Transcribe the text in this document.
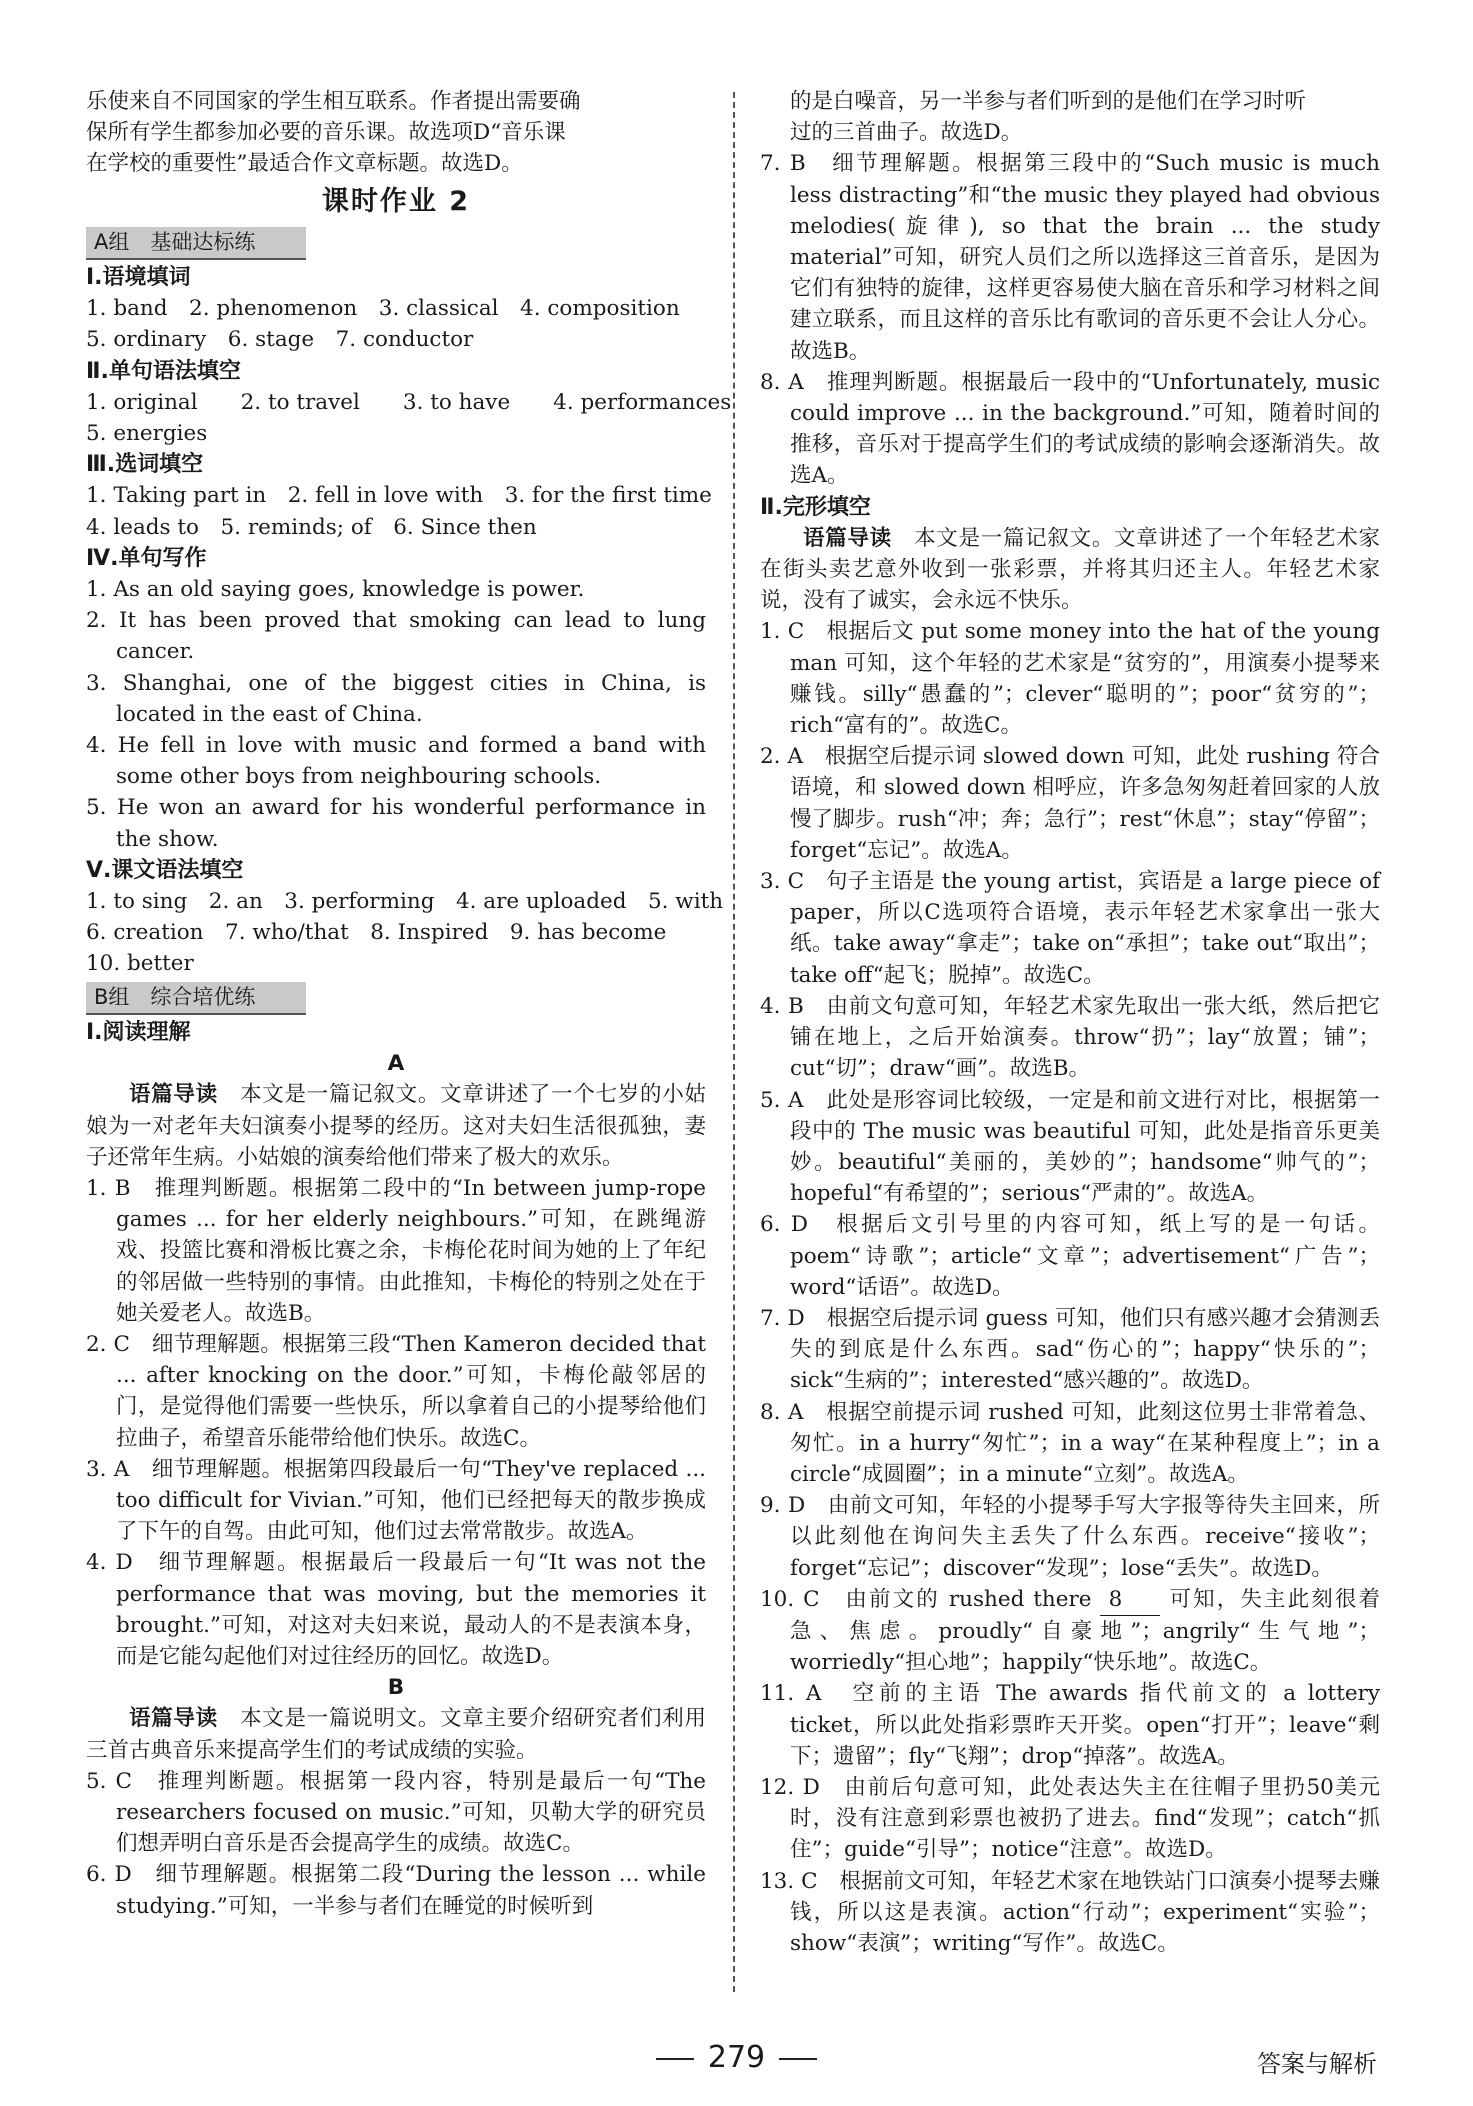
乐使来自不同国家的学生相互联系。作者提出需要确

保所有学生都参加必要的音乐课。故选项D“音乐课

在学校的重要性”最适合作文章标题。故选D。

课时作业 2
A组　基础达标练

Ⅰ.语境填词

1. band　2. phenomenon　3. classical　4. composition

5. ordinary　6. stage　7. conductor

Ⅱ.单句语法填空

1. original　　2. to travel　　3. to have　　4. performances

5. energies

Ⅲ.选词填空

1. Taking part in　2. fell in love with　3. for the first time

4. leads to　5. reminds; of　6. Since then

Ⅳ.单句写作

1. As an old saying goes, knowledge is power.

2. It has been proved that smoking can lead to lung cancer.

3. Shanghai, one of the biggest cities in China, is located in the east of China.

4. He fell in love with music and formed a band with some other boys from neighbouring schools.

5. He won an award for his wonderful performance in the show.

Ⅴ.课文语法填空

1. to sing　2. an　3. performing　4. are uploaded　5. with

6. creation　7. who/that　8. Inspired　9. has become

10. better

B组　综合培优练

Ⅰ.阅读理解

A

语篇导读　 本文是一篇记叙文。文章讲述了一个七岁的小姑娘为一对老年夫妇演奏小提琴的经历。这对夫妇生活很孤独，妻子还常年生病。小姑娘的演奏给他们带来了极大的欢乐。

1. B　推理判断题。根据第二段中的“In between jump-rope games ... for her elderly neighbours.”可知，在跳绳游戏、投篮比赛和滑板比赛之余，卡梅伦花时间为她的上了年纪的邻居做一些特别的事情。由此推知，卡梅伦的特别之处在于她关爱老人。故选B。

2. C　细节理解题。根据第三段“Then Kameron decided that ... after knocking on the door.”可知，卡梅伦敲邻居的门，是觉得他们需要一些快乐，所以拿着自己的小提琴给他们拉曲子，希望音乐能带给他们快乐。故选C。

3. A　细节理解题。根据第四段最后一句“They've replaced ... too difficult for Vivian.”可知，他们已经把每天的散步换成了下午的自驾。由此可知，他们过去常常散步。故选A。

4. D　细节理解题。根据最后一段最后一句“It was not the performance that was moving, but the memories it brought.”可知，对这对夫妇来说，最动人的不是表演本身，而是它能勾起他们对过往经历的回忆。故选D。

B

语篇导读　 本文是一篇说明文。文章主要介绍研究者们利用三首古典音乐来提高学生们的考试成绩的实验。

5. C　推理判断题。根据第一段内容，特别是最后一句“The researchers focused on music.”可知，贝勒大学的研究员们想弄明白音乐是否会提高学生的成绩。故选C。

6. D　细节理解题。根据第二段“During the lesson ... while studying.”可知，一半参与者们在睡觉的时候听到

的是白噪音，另一半参与者们听到的是他们在学习时听

过的三首曲子。故选D。

7. B　细节理解题。根据第三段中的“Such music is much less distracting”和“the music they played had obvious melodies(旋律), so that the brain ... the study material”可知，研究人员们之所以选择这三首音乐，是因为它们有独特的旋律，这样更容易使大脑在音乐和学习材料之间建立联系，而且这样的音乐比有歌词的音乐更不会让人分心。故选B。

8. A　推理判断题。根据最后一段中的“Unfortunately, music could improve ... in the background.”可知，随着时间的推移，音乐对于提高学生们的考试成绩的影响会逐渐消失。故选A。

Ⅱ.完形填空

语篇导读　 本文是一篇记叙文。文章讲述了一个年轻艺术家在街头卖艺意外收到一张彩票，并将其归还主人。年轻艺术家说，没有了诚实，会永远不快乐。

1. C　根据后文 put some money into the hat of the young man 可知，这个年轻的艺术家是“贫穷的”，用演奏小提琴来赚钱。silly“愚蠢的”；clever“聪明的”；poor“贫穷的”；rich“富有的”。故选C。

2. A　根据空后提示词 slowed down 可知，此处 rushing 符合语境，和 slowed down 相呼应，许多急匆匆赶着回家的人放慢了脚步。rush“冲；奔；急行”；rest“休息”；stay“停留”；forget“忘记”。故选A。

3. C　句子主语是 the young artist，宾语是 a large piece of paper，所以C选项符合语境，表示年轻艺术家拿出一张大纸。take away“拿走”；take on“承担”；take out“取出”；take off“起飞；脱掉”。故选C。

4. B　由前文句意可知，年轻艺术家先取出一张大纸，然后把它铺在地上，之后开始演奏。throw“扔”；lay“放置；铺”；cut“切”；draw“画”。故选B。

5. A　此处是形容词比较级，一定是和前文进行对比，根据第一段中的 The music was beautiful 可知，此处是指音乐更美妙。beautiful“美丽的，美妙的”；handsome“帅气的”；hopeful“有希望的”；serious“严肃的”。故选A。

6. D　根据后文引号里的内容可知，纸上写的是一句话。poem“诗歌”；article“文章”；advertisement“广告”；word“话语”。故选D。

7. D　根据空后提示词 guess 可知，他们只有感兴趣才会猜测丢失的到底是什么东西。sad“伤心的”；happy“快乐的”；sick“生病的”；interested“感兴趣的”。故选D。

8. A　根据空前提示词 rushed 可知，此刻这位男士非常着急、匆忙。in a hurry“匆忙”；in a way“在某种程度上”；in a circle“成圆圈”；in a minute“立刻”。故选A。

9. D　由前文可知，年轻的小提琴手写大字报等待失主回来，所以此刻他在询问失主丢失了什么东西。receive“接收”；forget“忘记”；discover“发现”；lose“丢失”。故选D。

10. C　由前文的 rushed there 8 可知，失主此刻很着急、焦虑。proudly“自豪地”；angrily“生气地”；worriedly“担心地”；happily“快乐地”。故选C。

11. A　空前的主语 The awards 指代前文的 a lottery ticket，所以此处指彩票昨天开奖。open“打开”；leave“剩下；遗留”；fly“飞翔”；drop“掉落”。故选A。

12. D　由前后句意可知，此处表达失主在往帽子里扔50美元时，没有注意到彩票也被扔了进去。find“发现”；catch“抓住”；guide“引导”；notice“注意”。故选D。

13. C　根据前文可知，年轻艺术家在地铁站门口演奏小提琴去赚钱，所以这是表演。action“行动”；experiment“实验”；show“表演”；writing“写作”。故选C。

279	答案与解析
